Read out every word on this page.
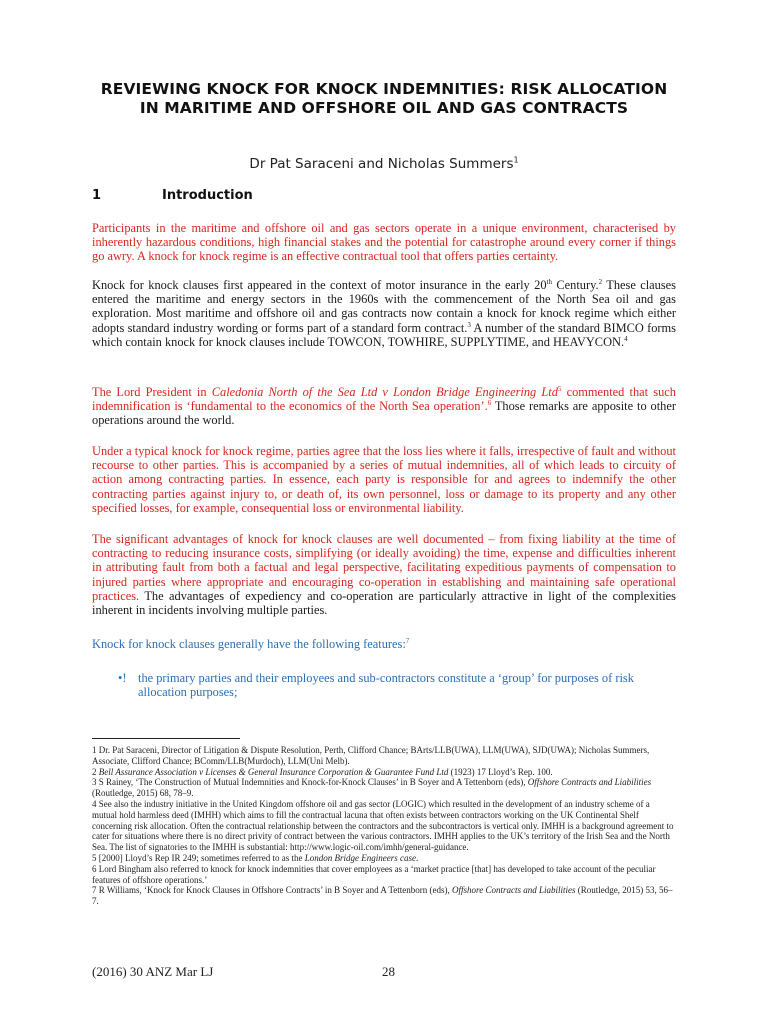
REVIEWING KNOCK FOR KNOCK INDEMNITIES: RISK ALLOCATION IN MARITIME AND OFFSHORE OIL AND GAS CONTRACTS
Dr Pat Saraceni and Nicholas Summers$^1$
1	Introduction
Participants in the maritime and offshore oil and gas sectors operate in a unique environment, characterised by inherently hazardous conditions, high financial stakes and the potential for catastrophe around every corner if things go awry. A knock for knock regime is an effective contractual tool that offers parties certainty.
Knock for knock clauses first appeared in the context of motor insurance in the early 20th Century.$^2$ These clauses entered the maritime and energy sectors in the 1960s with the commencement of the North Sea oil and gas exploration. Most maritime and offshore oil and gas contracts now contain a knock for knock regime which either adopts standard industry wording or forms part of a standard form contract.$^3$ A number of the standard BIMCO forms which contain knock for knock clauses include TOWCON, TOWHIRE, SUPPLYTIME, and HEAVYCON.$^4$
The Lord President in Caledonia North of the Sea Ltd v London Bridge Engineering Ltd$^5$ commented that such indemnification is ‘fundamental to the economics of the North Sea operation’.$^6$ Those remarks are apposite to other operations around the world.
Under a typical knock for knock regime, parties agree that the loss lies where it falls, irrespective of fault and without recourse to other parties. This is accompanied by a series of mutual indemnities, all of which leads to circuity of action among contracting parties. In essence, each party is responsible for and agrees to indemnify the other contracting parties against injury to, or death of, its own personnel, loss or damage to its property and any other specified losses, for example, consequential loss or environmental liability.
The significant advantages of knock for knock clauses are well documented – from fixing liability at the time of contracting to reducing insurance costs, simplifying (or ideally avoiding) the time, expense and difficulties inherent in attributing fault from both a factual and legal perspective, facilitating expeditious payments of compensation to injured parties where appropriate and encouraging co-operation in establishing and maintaining safe operational practices. The advantages of expediency and co-operation are particularly attractive in light of the complexities inherent in incidents involving multiple parties.
Knock for knock clauses generally have the following features:$^7$
•! the primary parties and their employees and sub-contractors constitute a ‘group’ for purposes of risk
allocation purposes;

1 Dr. Pat Saraceni, Director of Litigation & Dispute Resolution, Perth, Clifford Chance; BArts/LLB(UWA), LLM(UWA), SJD(UWA); Nicholas Summers, Associate, Clifford Chance; BComm/LLB(Murdoch), LLM(Uni Melb).

2 Bell Assurance Association v Licenses & General Insurance Corporation & Guarantee Fund Ltd (1923) 17 Lloyd’s Rep. 100.

3 S Rainey, ‘The Construction of Mutual Indemnities and Knock-for-Knock Clauses’ in B Soyer and A Tettenborn (eds), Offshore Contracts and Liabilities (Routledge, 2015) 68, 78–9.

4 See also the industry initiative in the United Kingdom offshore oil and gas sector (LOGIC) which resulted in the development of an industry scheme of a mutual hold harmless deed (IMHH) which aims to fill the contractual lacuna that often exists between contractors working on the UK Continental Shelf concerning risk allocation. Often the contractual relationship between the contractors and the subcontractors is vertical only. IMHH is a background agreement to cater for situations where there is no direct privity of contract between the various contractors. IMHH applies to the UK’s territory of the Irish Sea and the North Sea. The list of signatories to the IMHH is substantial: http://www.logic-oil.com/imhh/general-guidance.

5 [2000] Lloyd’s Rep IR 249; sometimes referred to as the London Bridge Engineers case.

6 Lord Bingham also referred to knock for knock indemnities that cover employees as a ‘market practice [that] has developed to take account of the peculiar features of offshore operations.’

7 R Williams, ‘Knock for Knock Clauses in Offshore Contracts’ in B Soyer and A Tettenborn (eds), Offshore Contracts and Liabilities (Routledge, 2015) 53, 56–7.

(2016) 30 ANZ Mar LJ	28
